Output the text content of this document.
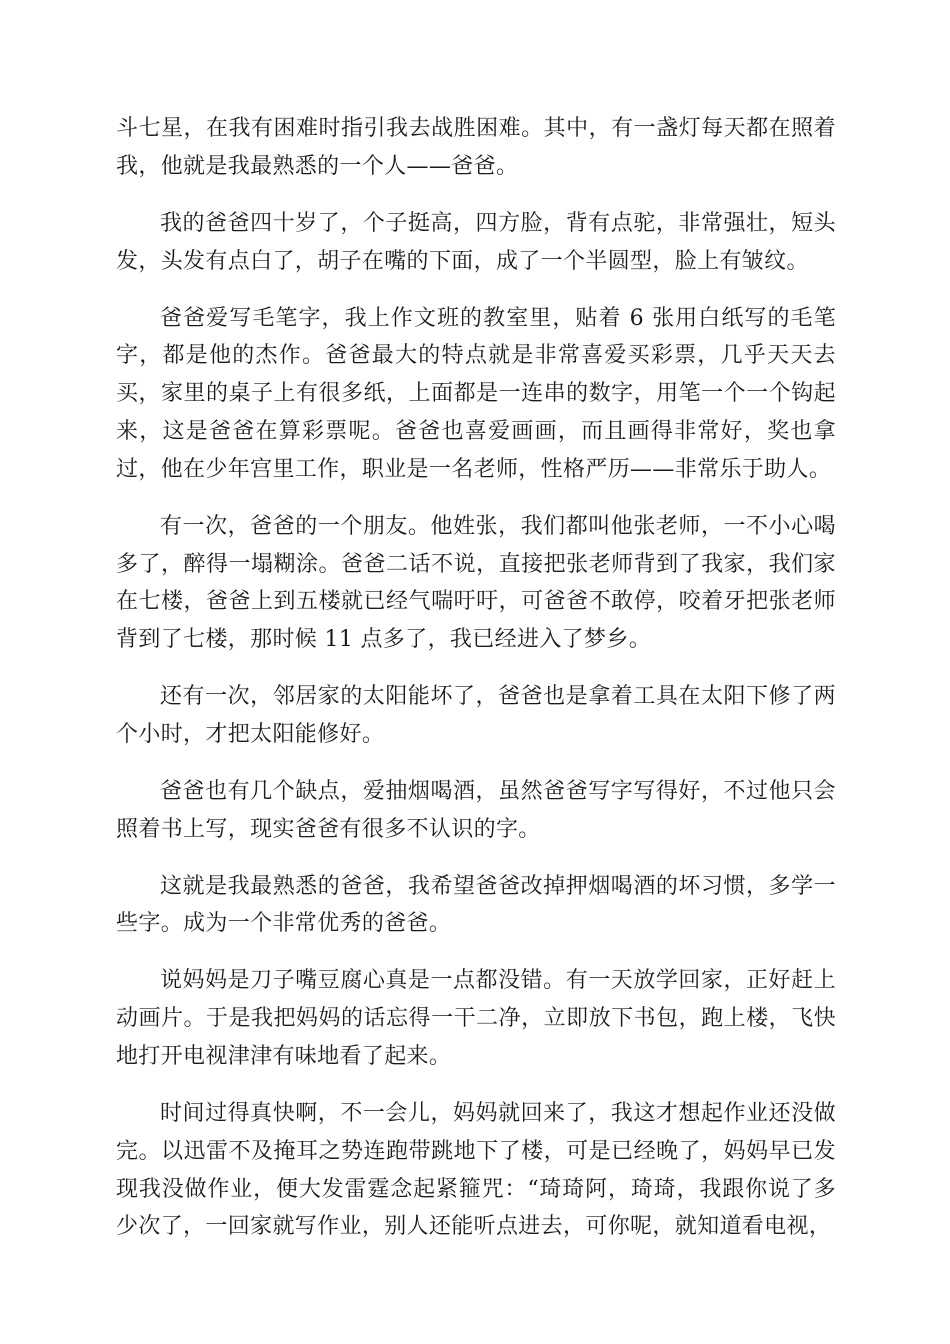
斗七星，在我有困难时指引我去战胜困难。其中，有一盏灯每天都在照着我，他就是我最熟悉的一个人——爸爸。

我的爸爸四十岁了，个子挺高，四方脸，背有点驼，非常强壮，短头发，头发有点白了，胡子在嘴的下面，成了一个半圆型，脸上有皱纹。

爸爸爱写毛笔字，我上作文班的教室里，贴着 6 张用白纸写的毛笔字，都是他的杰作。爸爸最大的特点就是非常喜爱买彩票，几乎天天去买，家里的桌子上有很多纸，上面都是一连串的数字，用笔一个一个钩起来，这是爸爸在算彩票呢。爸爸也喜爱画画，而且画得非常好，奖也拿过，他在少年宫里工作，职业是一名老师，性格严历——非常乐于助人。

有一次，爸爸的一个朋友。他姓张，我们都叫他张老师，一不小心喝多了，醉得一塌糊涂。爸爸二话不说，直接把张老师背到了我家，我们家在七楼，爸爸上到五楼就已经气喘吁吁，可爸爸不敢停，咬着牙把张老师背到了七楼，那时候 11 点多了，我已经进入了梦乡。

还有一次，邻居家的太阳能坏了，爸爸也是拿着工具在太阳下修了两个小时，才把太阳能修好。

爸爸也有几个缺点，爱抽烟喝酒，虽然爸爸写字写得好，不过他只会照着书上写，现实爸爸有很多不认识的字。

这就是我最熟悉的爸爸，我希望爸爸改掉押烟喝酒的坏习惯，多学一些字。成为一个非常优秀的爸爸。

说妈妈是刀子嘴豆腐心真是一点都没错。有一天放学回家，正好赶上动画片。于是我把妈妈的话忘得一干二净，立即放下书包，跑上楼，飞快地打开电视津津有味地看了起来。

时间过得真快啊，不一会儿，妈妈就回来了，我这才想起作业还没做完。以迅雷不及掩耳之势连跑带跳地下了楼，可是已经晚了，妈妈早已发现我没做作业，便大发雷霆念起紧箍咒：“琦琦阿，琦琦，我跟你说了多少次了，一回家就写作业，别人还能听点进去，可你呢，就知道看电视，
